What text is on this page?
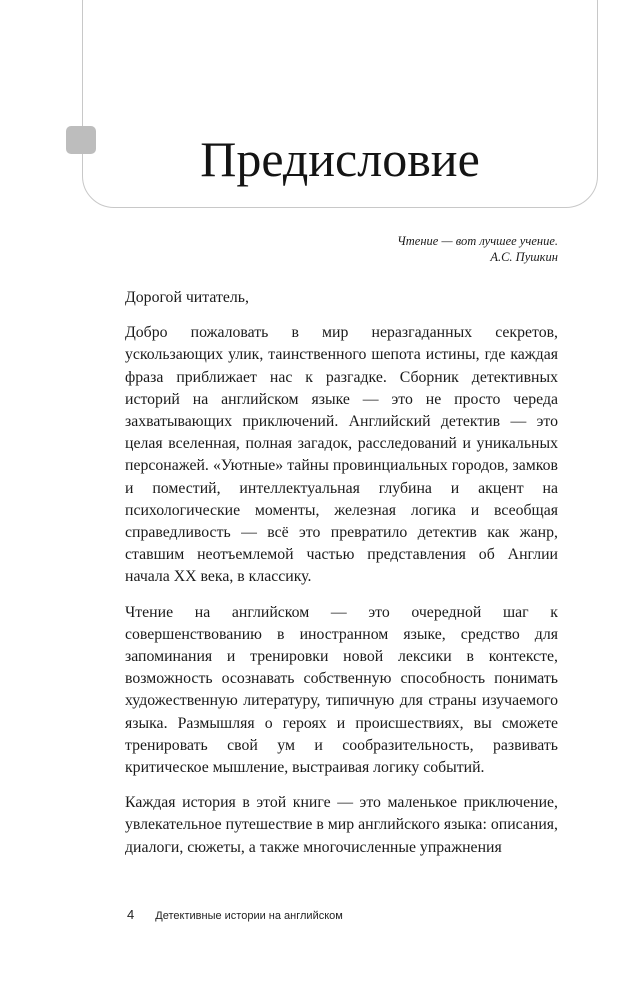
Предисловие
Чтение — вот лучшее учение.
А.С. Пушкин

Дорогой читатель,

Добро пожаловать в мир неразгаданных секретов, ускользающих улик, таинственного шепота истины, где каждая фраза приближает нас к разгадке. Сборник детективных историй на английском языке — это не просто череда захватывающих приключений. Английский детектив — это целая вселенная, полная загадок, расследований и уникальных персонажей. «Уютные» тайны провинциальных городов, замков и поместий, интеллектуальная глубина и акцент на психологические моменты, железная логика и всеобщая справедливость — всё это превратило детектив как жанр, ставшим неотъемлемой частью представления об Англии начала XX века, в классику.

Чтение на английском — это очередной шаг к совершенствованию в иностранном языке, средство для запоминания и тренировки новой лексики в контексте, возможность осознавать собственную способность понимать художественную литературу, типичную для страны изучаемого языка. Размышляя о героях и происшествиях, вы сможете тренировать свой ум и сообразительность, развивать критическое мышление, выстраивая логику событий.

Каждая история в этой книге — это маленькое приключение, увлекательное путешествие в мир английского языка: описания, диалоги, сюжеты, а также многочисленные упражнения

4 Детективные истории на английском
